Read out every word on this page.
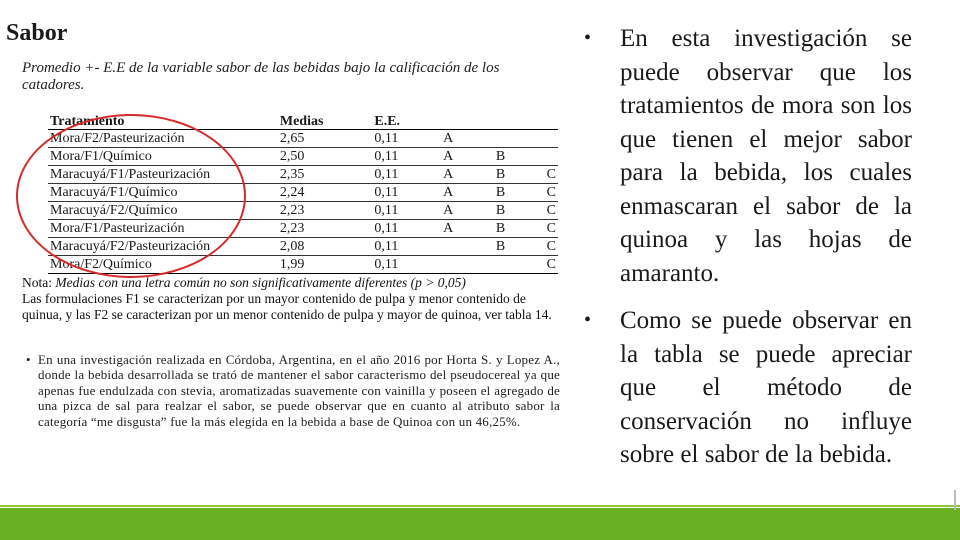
Sabor
Promedio +- E.E de la variable sabor de las bebidas bajo la calificación de los catadores.
Tratamiento	Medias	E.E.			
Mora/F2/Pasteurización	2,65	0,11	A		
Mora/F1/Químico	2,50	0,11	A	B	
Maracuyá/F1/Pasteurización	2,35	0,11	A	B	C
Maracuyá/F1/Químico	2,24	0,11	A	B	C
Maracuyá/F2/Químico	2,23	0,11	A	B	C
Mora/F1/Pasteurización	2,23	0,11	A	B	C
Maracuyá/F2/Pasteurización	2,08	0,11		B	C
Mora/F2/Químico	1,99	0,11			C
Nota: Medias con una letra común no son significativamente diferentes (p > 0,05)
Las formulaciones F1 se caracterizan por un mayor contenido de pulpa y menor contenido de quinua, y las F2 se caracterizan por un menor contenido de pulpa y mayor de quinoa, ver tabla 14.
• En una investigación realizada en Córdoba, Argentina, en el año 2016 por Horta S. y Lopez A., donde la bebida desarrollada se trató de mantener el sabor caracterismo del pseudocereal ya que apenas fue endulzada con stevia, aromatizadas suavemente con vainilla y poseen el agregado de una pizca de sal para realzar el sabor, se puede observar que en cuanto al atributo sabor la categoría “me disgusta” fue la más elegida en la bebida a base de Quinoa con un 46,25%.
• En esta investigación se puede observar que los tratamientos de mora son los que tienen el mejor sabor para la bebida, los cuales enmascaran el sabor de la quinoa y las hojas de amaranto.
• Como se puede observar en la tabla se puede apreciar que el método de conservación no influye sobre el sabor de la bebida.
